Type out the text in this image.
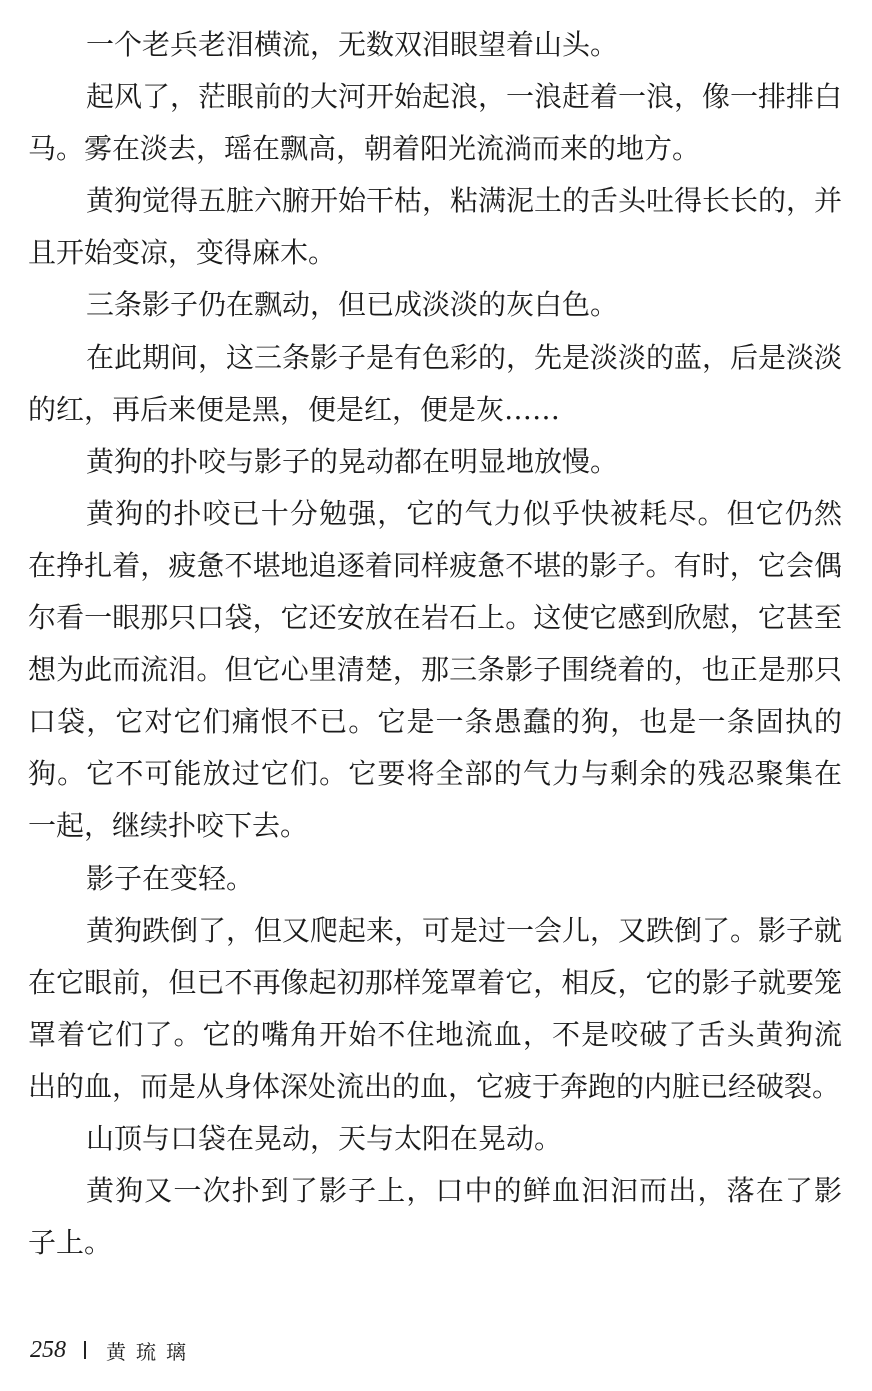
一个老兵老泪横流，无数双泪眼望着山头。
起风了，茫眼前的大河开始起浪，一浪赶着一浪，像一排排白
马。雾在淡去，瑶在飘高，朝着阳光流淌而来的地方。
黄狗觉得五脏六腑开始干枯，粘满泥土的舌头吐得长长的，并
且开始变凉，变得麻木。
三条影子仍在飘动，但已成淡淡的灰白色。
在此期间，这三条影子是有色彩的，先是淡淡的蓝，后是淡淡
的红，再后来便是黑，便是红，便是灰……
黄狗的扑咬与影子的晃动都在明显地放慢。
黄狗的扑咬已十分勉强，它的气力似乎快被耗尽。但它仍然
在挣扎着，疲惫不堪地追逐着同样疲惫不堪的影子。有时，它会偶
尔看一眼那只口袋，它还安放在岩石上。这使它感到欣慰，它甚至
想为此而流泪。但它心里清楚，那三条影子围绕着的，也正是那只
口袋，它对它们痛恨不已。它是一条愚蠢的狗，也是一条固执的
狗。它不可能放过它们。它要将全部的气力与剩余的残忍聚集在
一起，继续扑咬下去。
影子在变轻。
黄狗跌倒了，但又爬起来，可是过一会儿，又跌倒了。影子就
在它眼前，但已不再像起初那样笼罩着它，相反，它的影子就要笼
罩着它们了。它的嘴角开始不住地流血，不是咬破了舌头黄狗流
出的血，而是从身体深处流出的血，它疲于奔跑的内脏已经破裂。
山顶与口袋在晃动，天与太阳在晃动。
黄狗又一次扑到了影子上，口中的鲜血汩汩而出，落在了影
子上。
258 黄琉璃
